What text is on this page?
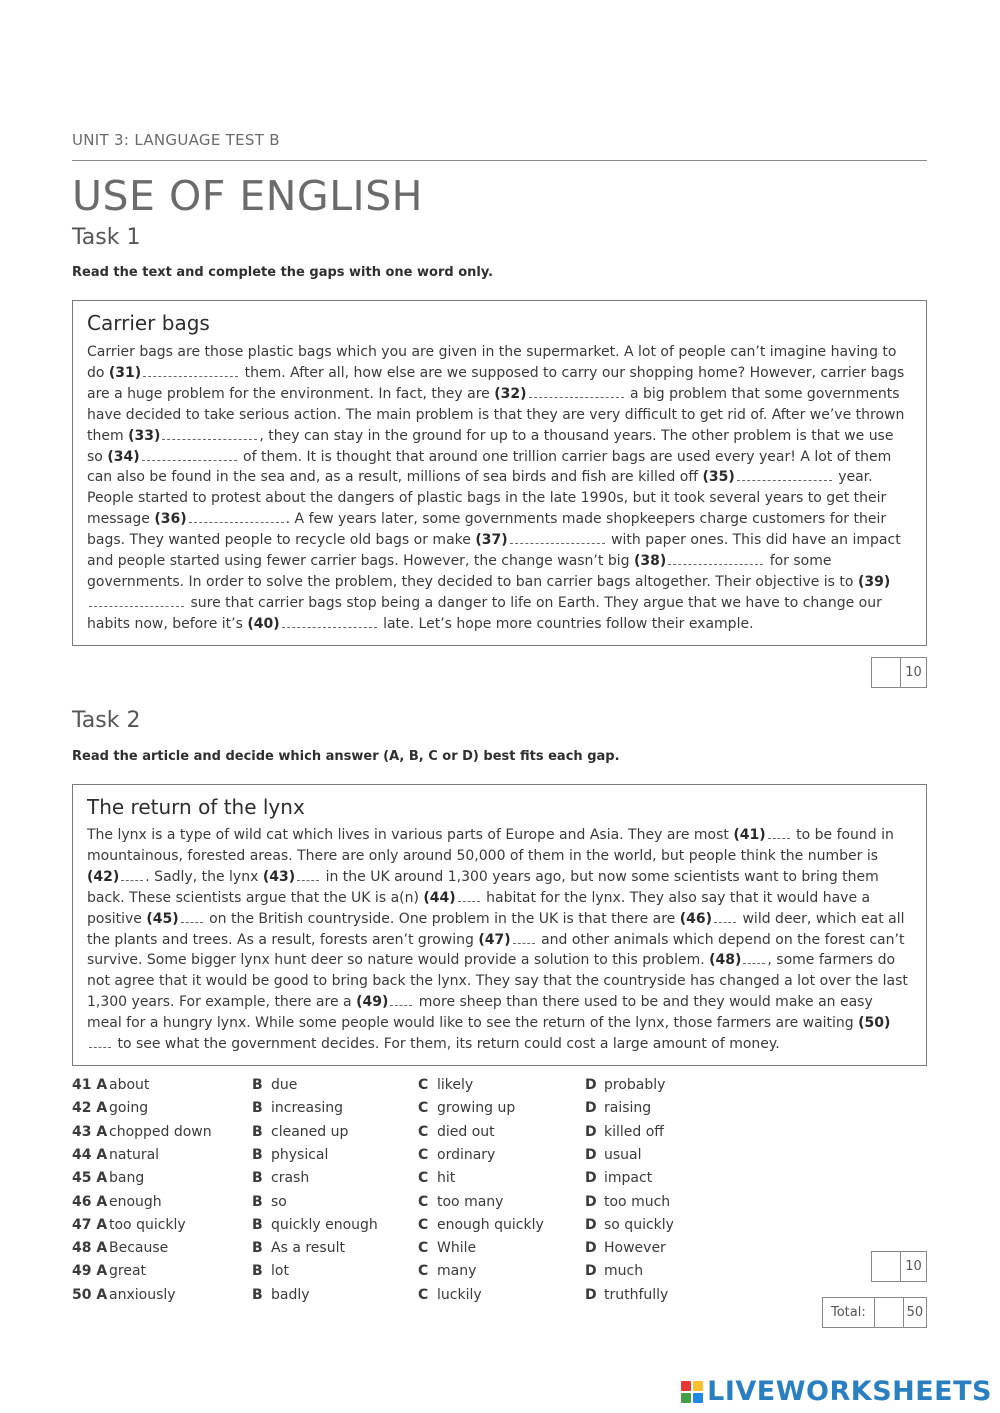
UNIT 3: LANGUAGE TEST B
USE OF ENGLISH
Task 1
Read the text and complete the gaps with one word only.
Carrier bags
Carrier bags are those plastic bags which you are given in the supermarket. A lot of people can’t imagine having to do (31)	them. After all, how else are we supposed to carry our shopping home? However, carrier bags are a huge problem for the environment. In fact, they are (32)	a big problem that some governments have decided to take serious action. The main problem is that they are very difficult to get rid of. After we’ve thrown them (33)	, they can stay in the ground for up to a thousand years. The other problem is that we use so (34)	of them. It is thought that around one trillion carrier bags are used every year! A lot of them can also be found in the sea and, as a result, millions of sea birds and fish are killed off (35)	year. People started to protest about the dangers of plastic bags in the late 1990s, but it took several years to get their message (36)	. A few years later, some governments made shopkeepers charge customers for their bags. They wanted people to recycle old bags or make (37)	with paper ones. This did have an impact and people started using fewer carrier bags. However, the change wasn’t big (38)	for some governments. In order to solve the problem, they decided to ban carrier bags altogether. Their objective is to (39) sure that carrier bags stop being a danger to life on Earth. They argue that we have to change our habits now, before it’s (40)	late. Let’s hope more countries follow their example.
10
Task 2
Read the article and decide which answer (A, B, C or D) best fits each gap.
The return of the lynx
The lynx is a type of wild cat which lives in various parts of Europe and Asia. They are most (41) to be found in mountainous, forested areas. There are only around 50,000 of them in the world, but people think the number is (42) . Sadly, the lynx (43) in the UK around 1,300 years ago, but now some scientists want to bring them back. These scientists argue that the UK is a(n) (44) habitat for the lynx. They also say that it would have a positive (45) on the British countryside. One problem in the UK is that there are (46) wild deer, which eat all the plants and trees. As a result, forests aren’t growing (47) and other animals which depend on the forest can’t survive. Some bigger lynx hunt deer so nature would provide a solution to this problem. (48) , some farmers do not agree that it would be good to bring back the lynx. They say that the countryside has changed a lot over the last 1,300 years. For example, there are a (49) more sheep than there used to be and they would make an easy meal for a hungry lynx. While some people would like to see the return of the lynx, those farmers are waiting (50) to see what the government decides. For them, its return could cost a large amount of money.
41 A about	B due	C likely	D probably
42 A going	B increasing	C growing up	D raising
43 A chopped down	B cleaned up	C died out	D killed off
44 A natural	B physical	C ordinary	D usual
45 A bang	B crash	C hit	D impact
46 A enough	B so	C too many	D too much
47 A too quickly	B quickly enough	C enough quickly	D so quickly
48 A Because	B As a result	C While	D However
49 A great	B lot	C many	D much
50 A anxiously	B badly	C luckily	D truthfully
10
Total:	50
LIVEWORKSHEETS
